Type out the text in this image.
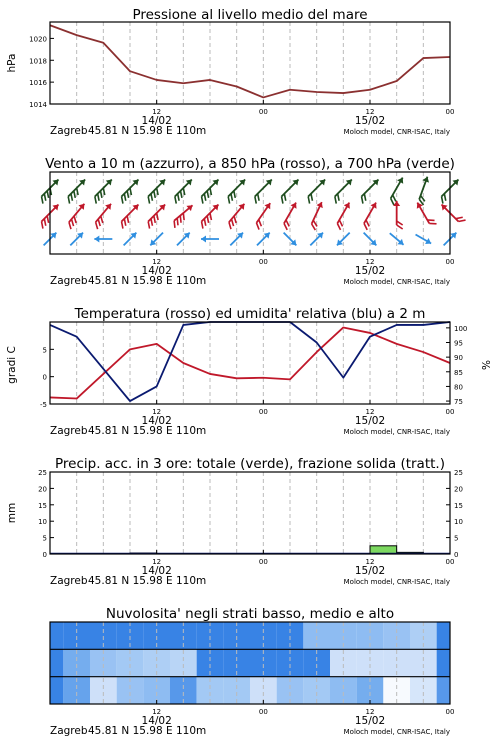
Pressione al livello medio del mare
1014
1016
1018
1020
hPa
12	00	12	00
14/02	15/02
Zagreb 45.81 N 15.98 E 110m	Moloch model, CNR-ISAC, Italy
Vento a 10 m (azzurro), a 850 hPa (rosso), a 700 hPa (verde)
12	00	12	00
14/02	15/02
Zagreb 45.81 N 15.98 E 110m	Moloch model, CNR-ISAC, Italy
Temperatura (rosso) ed umidita' relativa (blu) a 2 m
-5
0
5
75
80
85
90
95
100
gradi C	%
12	00	12	00
14/02	15/02
Zagreb 45.81 N 15.98 E 110m	Moloch model, CNR-ISAC, Italy
Precip. acc. in 3 ore: totale (verde), frazione solida (tratt.)
0
5
10
15
20
25
0
5
10
15
20
25
mm
12	00	12	00
14/02	15/02
Zagreb 45.81 N 15.98 E 110m	Moloch model, CNR-ISAC, Italy
Nuvolosita' negli strati basso, medio e alto
12	00	12	00
14/02	15/02
Zagreb 45.81 N 15.98 E 110m	Moloch model, CNR-ISAC, Italy
